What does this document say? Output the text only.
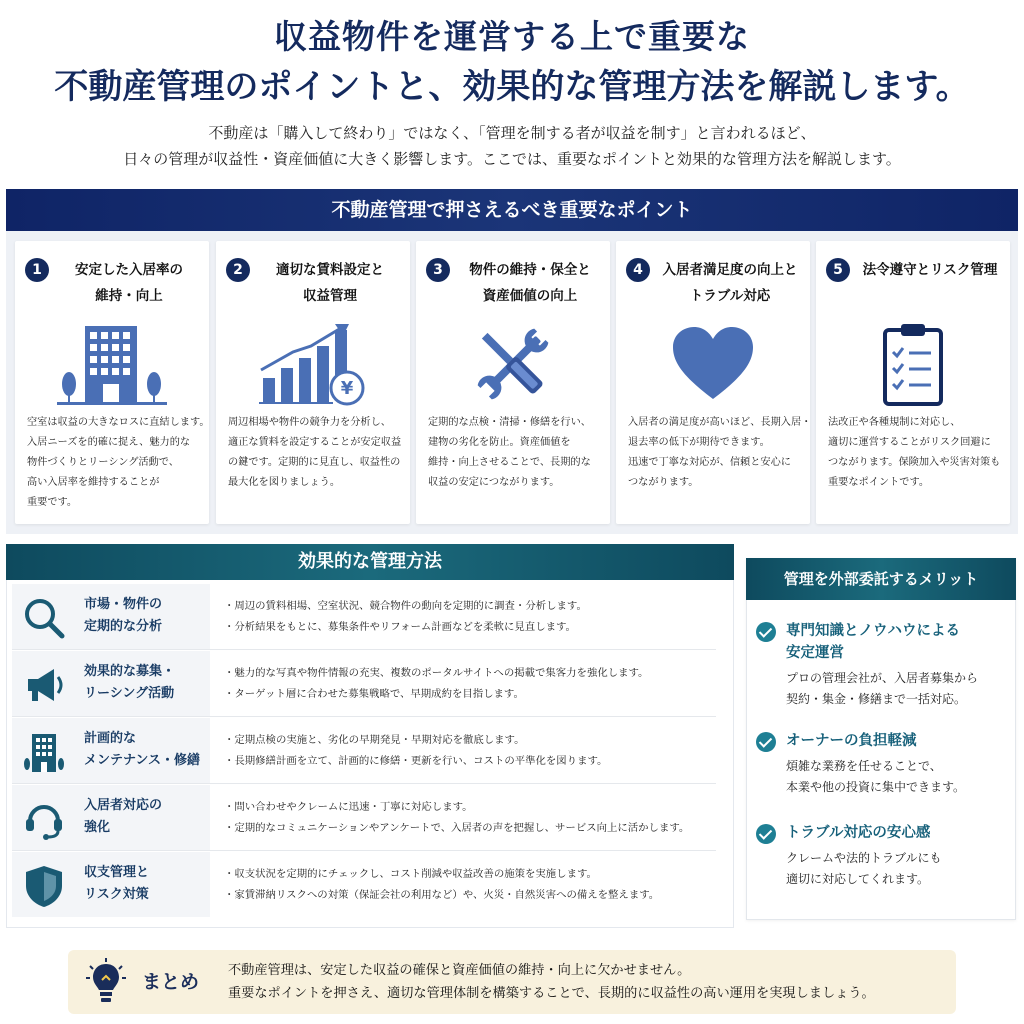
収益物件を運営する上で重要な
不動産管理のポイントと、効果的な管理方法を解説します。
不動産は「購入して終わり」ではなく、「管理を制する者が収益を制す」と言われるほど、
日々の管理が収益性・資産価値に大きく影響します。ここでは、重要なポイントと効果的な管理方法を解説します。
不動産管理で押さえるべき重要なポイント
1	安定した入居率の
維持・向上
空室は収益の大きなロスに直結します。
入居ニーズを的確に捉え、魅力的な
物件づくりとリーシング活動で、
高い入居率を維持することが
重要です。
2	適切な賃料設定と
収益管理
¥
周辺相場や物件の競争力を分析し、
適正な賃料を設定することが安定収益
の鍵です。定期的に見直し、収益性の
最大化を図りましょう。
3	物件の維持・保全と
資産価値の向上
定期的な点検・清掃・修繕を行い、
建物の劣化を防止。資産価値を
維持・向上させることで、長期的な
収益の安定につながります。
4	入居者満足度の向上と
トラブル対応
入居者の満足度が高いほど、長期入居・
退去率の低下が期待できます。
迅速で丁寧な対応が、信頼と安心に
つながります。
5	法令遵守とリスク管理
法改正や各種規制に対応し、
適切に運営することがリスク回避に
つながります。保険加入や災害対策も
重要なポイントです。
効果的な管理方法
市場・物件の
定期的な分析
・周辺の賃料相場、空室状況、競合物件の動向を定期的に調査・分析します。
・分析結果をもとに、募集条件やリフォーム計画などを柔軟に見直します。
効果的な募集・
リーシング活動
・魅力的な写真や物件情報の充実、複数のポータルサイトへの掲載で集客力を強化します。
・ターゲット層に合わせた募集戦略で、早期成約を目指します。
計画的な
メンテナンス・修繕
・定期点検の実施と、劣化の早期発見・早期対応を徹底します。
・長期修繕計画を立て、計画的に修繕・更新を行い、コストの平準化を図ります。
入居者対応の
強化
・問い合わせやクレームに迅速・丁寧に対応します。
・定期的なコミュニケーションやアンケートで、入居者の声を把握し、サービス向上に活かします。
収支管理と
リスク対策
・収支状況を定期的にチェックし、コスト削減や収益改善の施策を実施します。
・家賃滞納リスクへの対策（保証会社の利用など）や、火災・自然災害への備えを整えます。
管理を外部委託するメリット
専門知識とノウハウによる
安定運営
プロの管理会社が、入居者募集から
契約・集金・修繕まで一括対応。
オーナーの負担軽減
煩雑な業務を任せることで、
本業や他の投資に集中できます。
トラブル対応の安心感
クレームや法的トラブルにも
適切に対応してくれます。
まとめ
不動産管理は、安定した収益の確保と資産価値の維持・向上に欠かせません。
重要なポイントを押さえ、適切な管理体制を構築することで、長期的に収益性の高い運用を実現しましょう。
